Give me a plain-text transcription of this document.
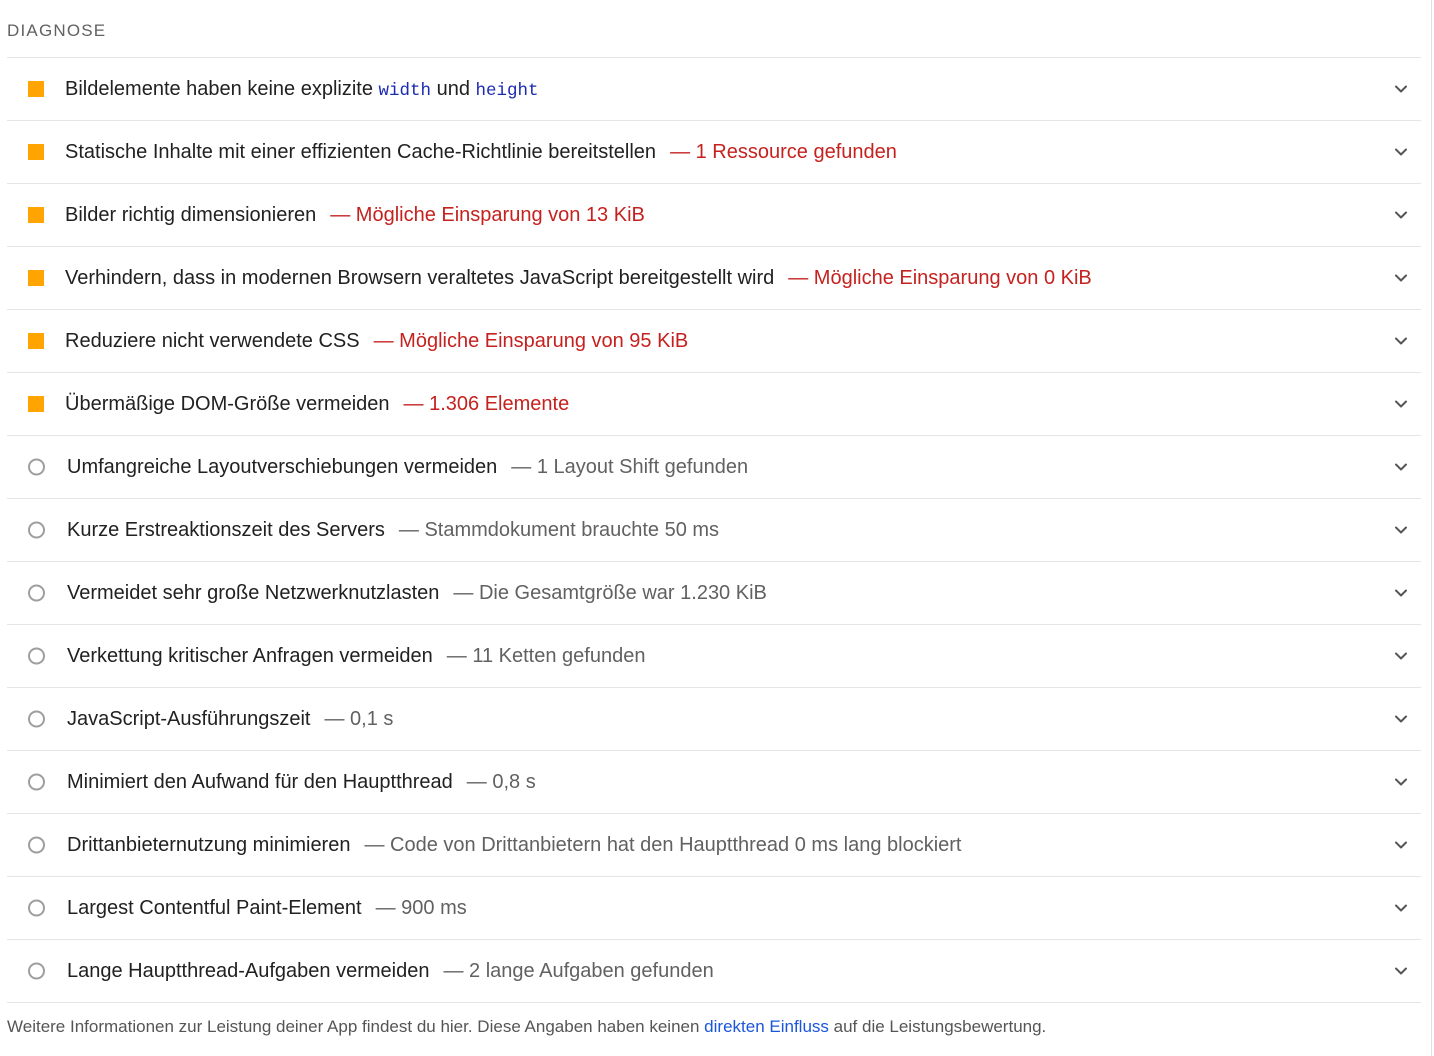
DIAGNOSE
Bildelemente haben keine explizite width und height
Statische Inhalte mit einer effizienten Cache-Richtlinie bereitstellen — 1 Ressource gefunden
Bilder richtig dimensionieren — Mögliche Einsparung von 13 KiB
Verhindern, dass in modernen Browsern veraltetes JavaScript bereitgestellt wird — Mögliche Einsparung von 0 KiB
Reduziere nicht verwendete CSS — Mögliche Einsparung von 95 KiB
Übermäßige DOM-Größe vermeiden — 1.306 Elemente
Umfangreiche Layoutverschiebungen vermeiden — 1 Layout Shift gefunden
Kurze Erstreaktionszeit des Servers — Stammdokument brauchte 50 ms
Vermeidet sehr große Netzwerknutzlasten — Die Gesamtgröße war 1.230 KiB
Verkettung kritischer Anfragen vermeiden — 11 Ketten gefunden
JavaScript-Ausführungszeit — 0,1 s
Minimiert den Aufwand für den Hauptthread — 0,8 s
Drittanbieternutzung minimieren — Code von Drittanbietern hat den Hauptthread 0 ms lang blockiert
Largest Contentful Paint-Element — 900 ms
Lange Hauptthread-Aufgaben vermeiden — 2 lange Aufgaben gefunden
Weitere Informationen zur Leistung deiner App findest du hier. Diese Angaben haben keinen direkten Einfluss auf die Leistungsbewertung.
